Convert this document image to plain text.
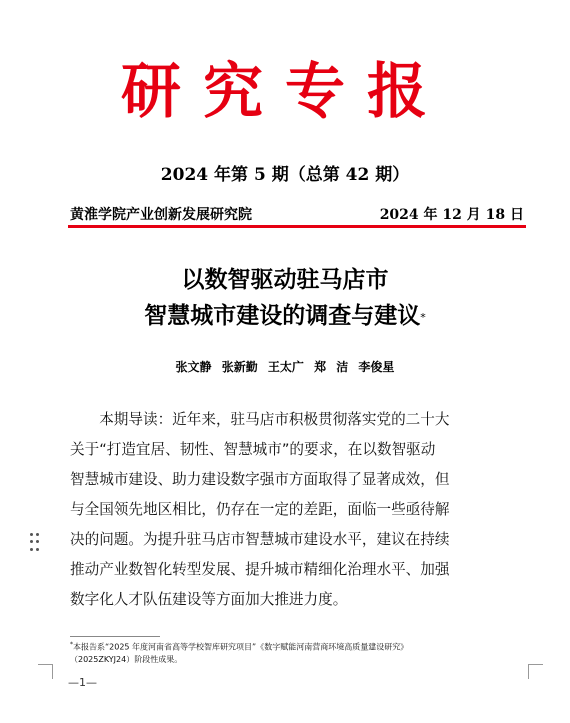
研究专报
2024 年第 5 期（总第 42 期）
黄淮学院产业创新发展研究院	2024 年 12 月 18 日
以数智驱动驻马店市
智慧城市建设的调查与建议*
张文静 张新勤 王太广 郑 洁 李俊星
本期导读：近年来，驻马店市积极贯彻落实党的二十大
关于“打造宜居、韧性、智慧城市”的要求，在以数智驱动
智慧城市建设、助力建设数字强市方面取得了显著成效，但
与全国领先地区相比，仍存在一定的差距，面临一些亟待解
决的问题。为提升驻马店市智慧城市建设水平，建议在持续
推动产业数智化转型发展、提升城市精细化治理水平、加强
数字化人才队伍建设等方面加大推进力度。
*本报告系“2025 年度河南省高等学校智库研究项目”《数字赋能河南营商环境高质量建设研究》
（2025ZKYJ24）阶段性成果。
—1—
